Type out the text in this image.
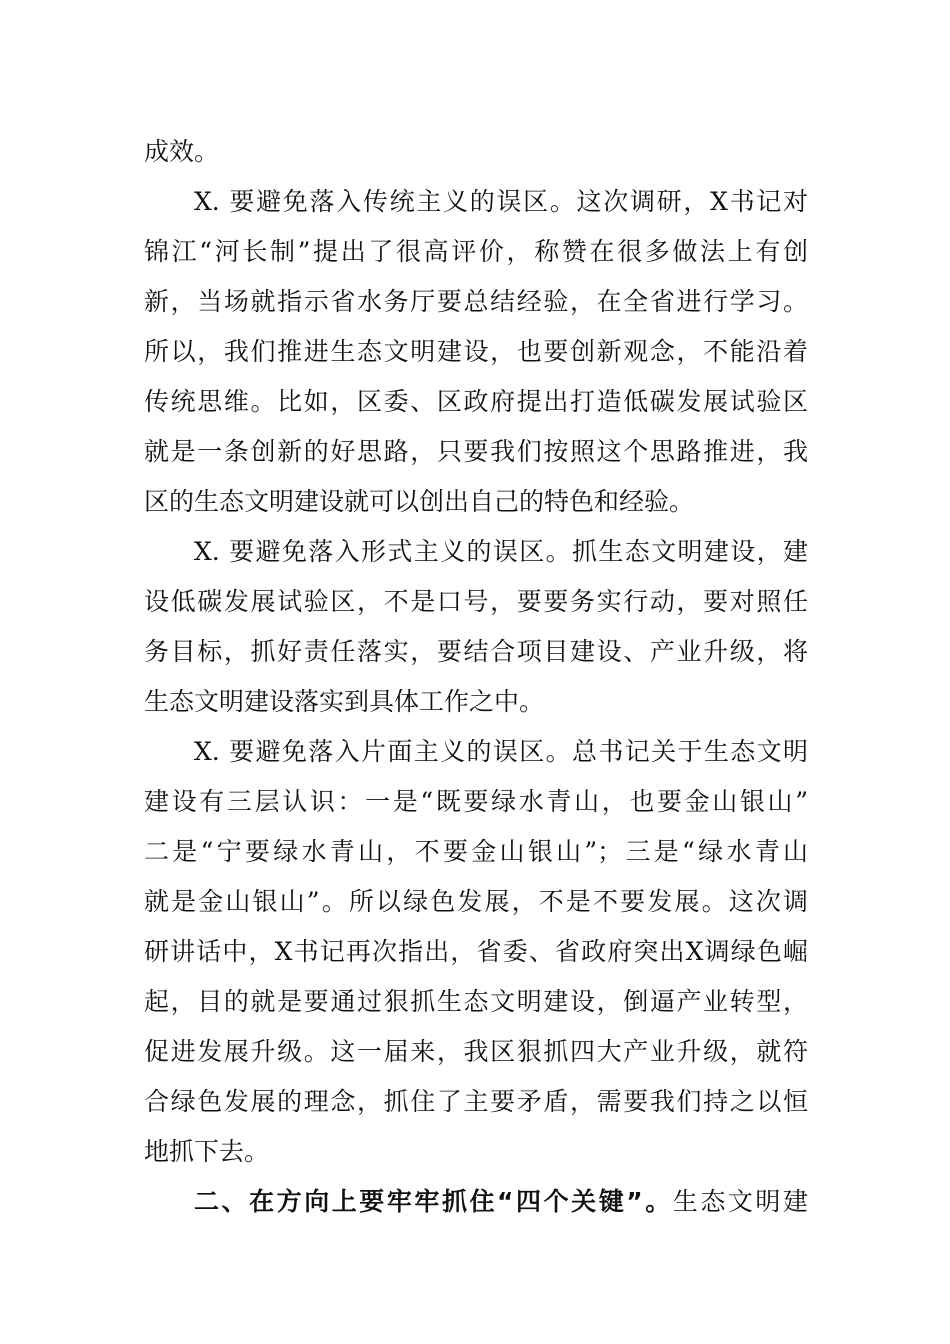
成效。
X. 要避免落入传统主义的误区。这次调研，X书记对
锦江“河长制”提出了很高评价，称赞在很多做法上有创
新，当场就指示省水务厅要总结经验，在全省进行学习。
所以，我们推进生态文明建设，也要创新观念，不能沿着
传统思维。比如，区委、区政府提出打造低碳发展试验区
就是一条创新的好思路，只要我们按照这个思路推进，我
区的生态文明建设就可以创出自己的特色和经验。
X. 要避免落入形式主义的误区。抓生态文明建设，建
设低碳发展试验区，不是口号，要要务实行动，要对照任
务目标，抓好责任落实，要结合项目建设、产业升级，将
生态文明建设落实到具体工作之中。
X. 要避免落入片面主义的误区。总书记关于生态文明
建设有三层认识：一是“既要绿水青山，也要金山银山”
二是“宁要绿水青山，不要金山银山”；三是“绿水青山
就是金山银山”。所以绿色发展，不是不要发展。这次调
研讲话中，X书记再次指出，省委、省政府突出X调绿色崛
起，目的就是要通过狠抓生态文明建设，倒逼产业转型，
促进发展升级。这一届来，我区狠抓四大产业升级，就符
合绿色发展的理念，抓住了主要矛盾，需要我们持之以恒
地抓下去。
二、在方向上要牢牢抓住“四个关键”。生态文明建
